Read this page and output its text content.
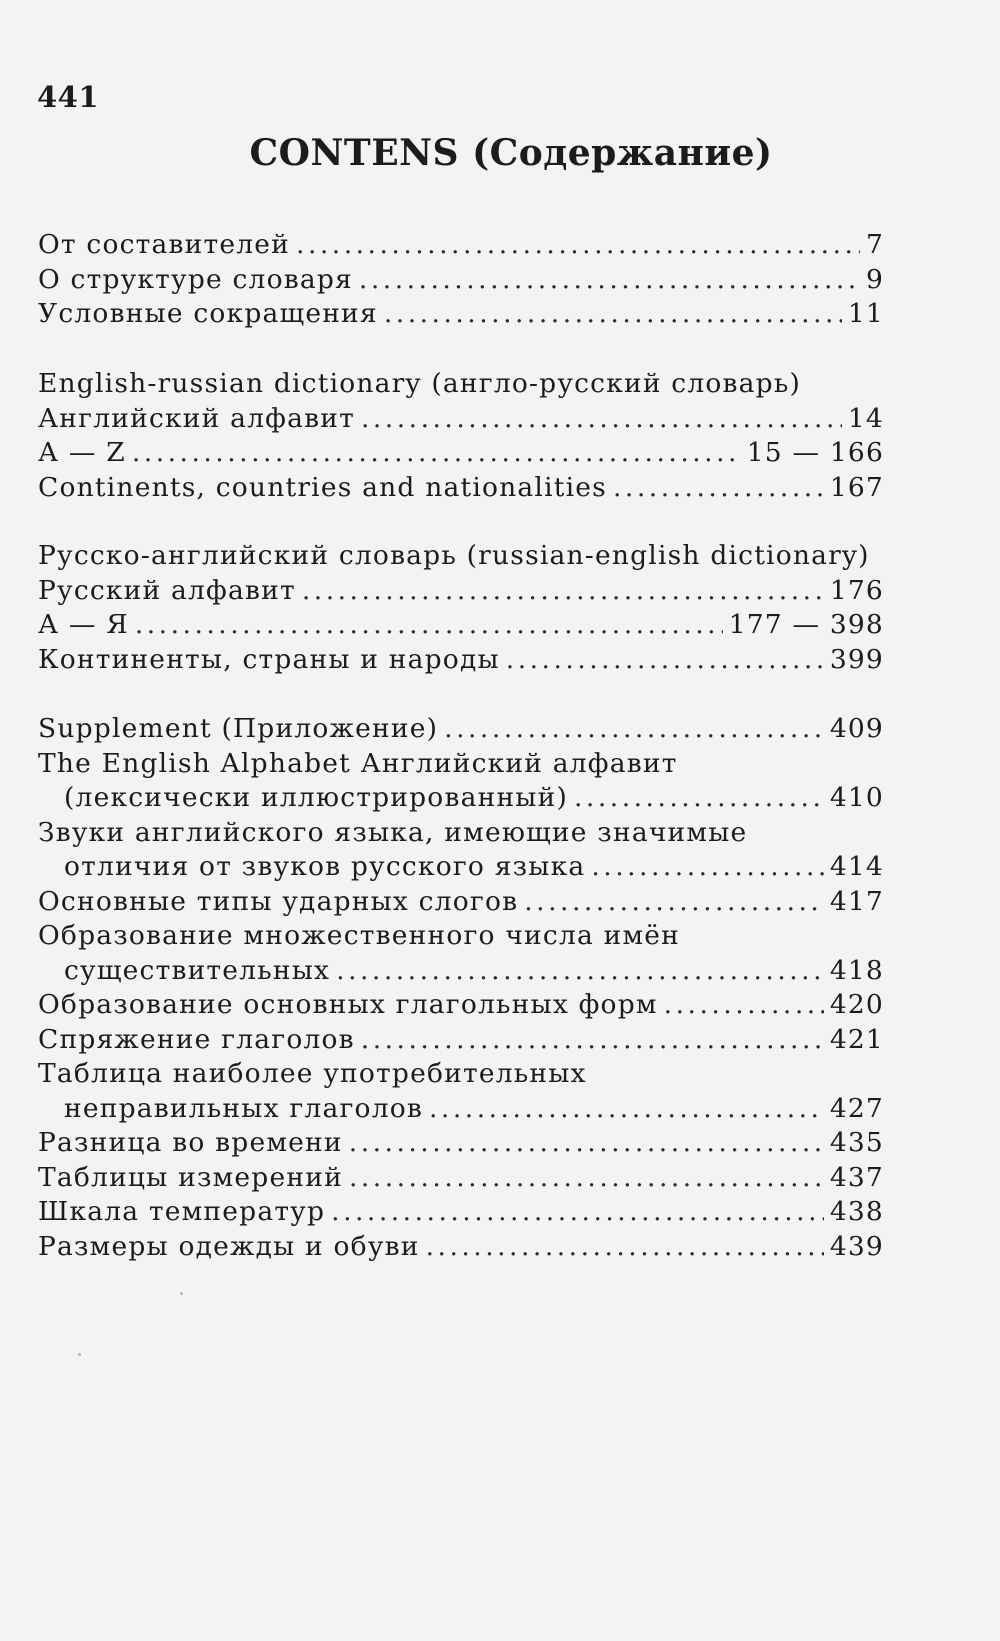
441
CONTENS (Содержание)
От составителей .....	7
О структуре словаря .....	9
Условные сокращения .....	11
English-russian dictionary (англо-русский словарь)
Английский алфавит .....	14
А — Z .....	15 — 166
Continents, countries and nationalities .....	167
Русско-английский словарь (russian-english dictionary)
Русский алфавит .....	176
А — Я .....	177 — 398
Континенты, страны и народы .....	399
Supplement (Приложение) .....	409
The English Alphabet Английский алфавит
(лексически иллюстрированный) .....	410
Звуки английского языка, имеющие значимые
отличия от звуков русского языка .....	414
Основные типы ударных слогов .....	417
Образование множественного числа имён
существительных .....	418
Образование основных глагольных форм .....	420
Спряжение глаголов .....	421
Таблица наиболее употребительных
неправильных глаголов .....	427
Разница во времени .....	435
Таблицы измерений .....	437
Шкала температур .....	438
Размеры одежды и обуви .....	439
